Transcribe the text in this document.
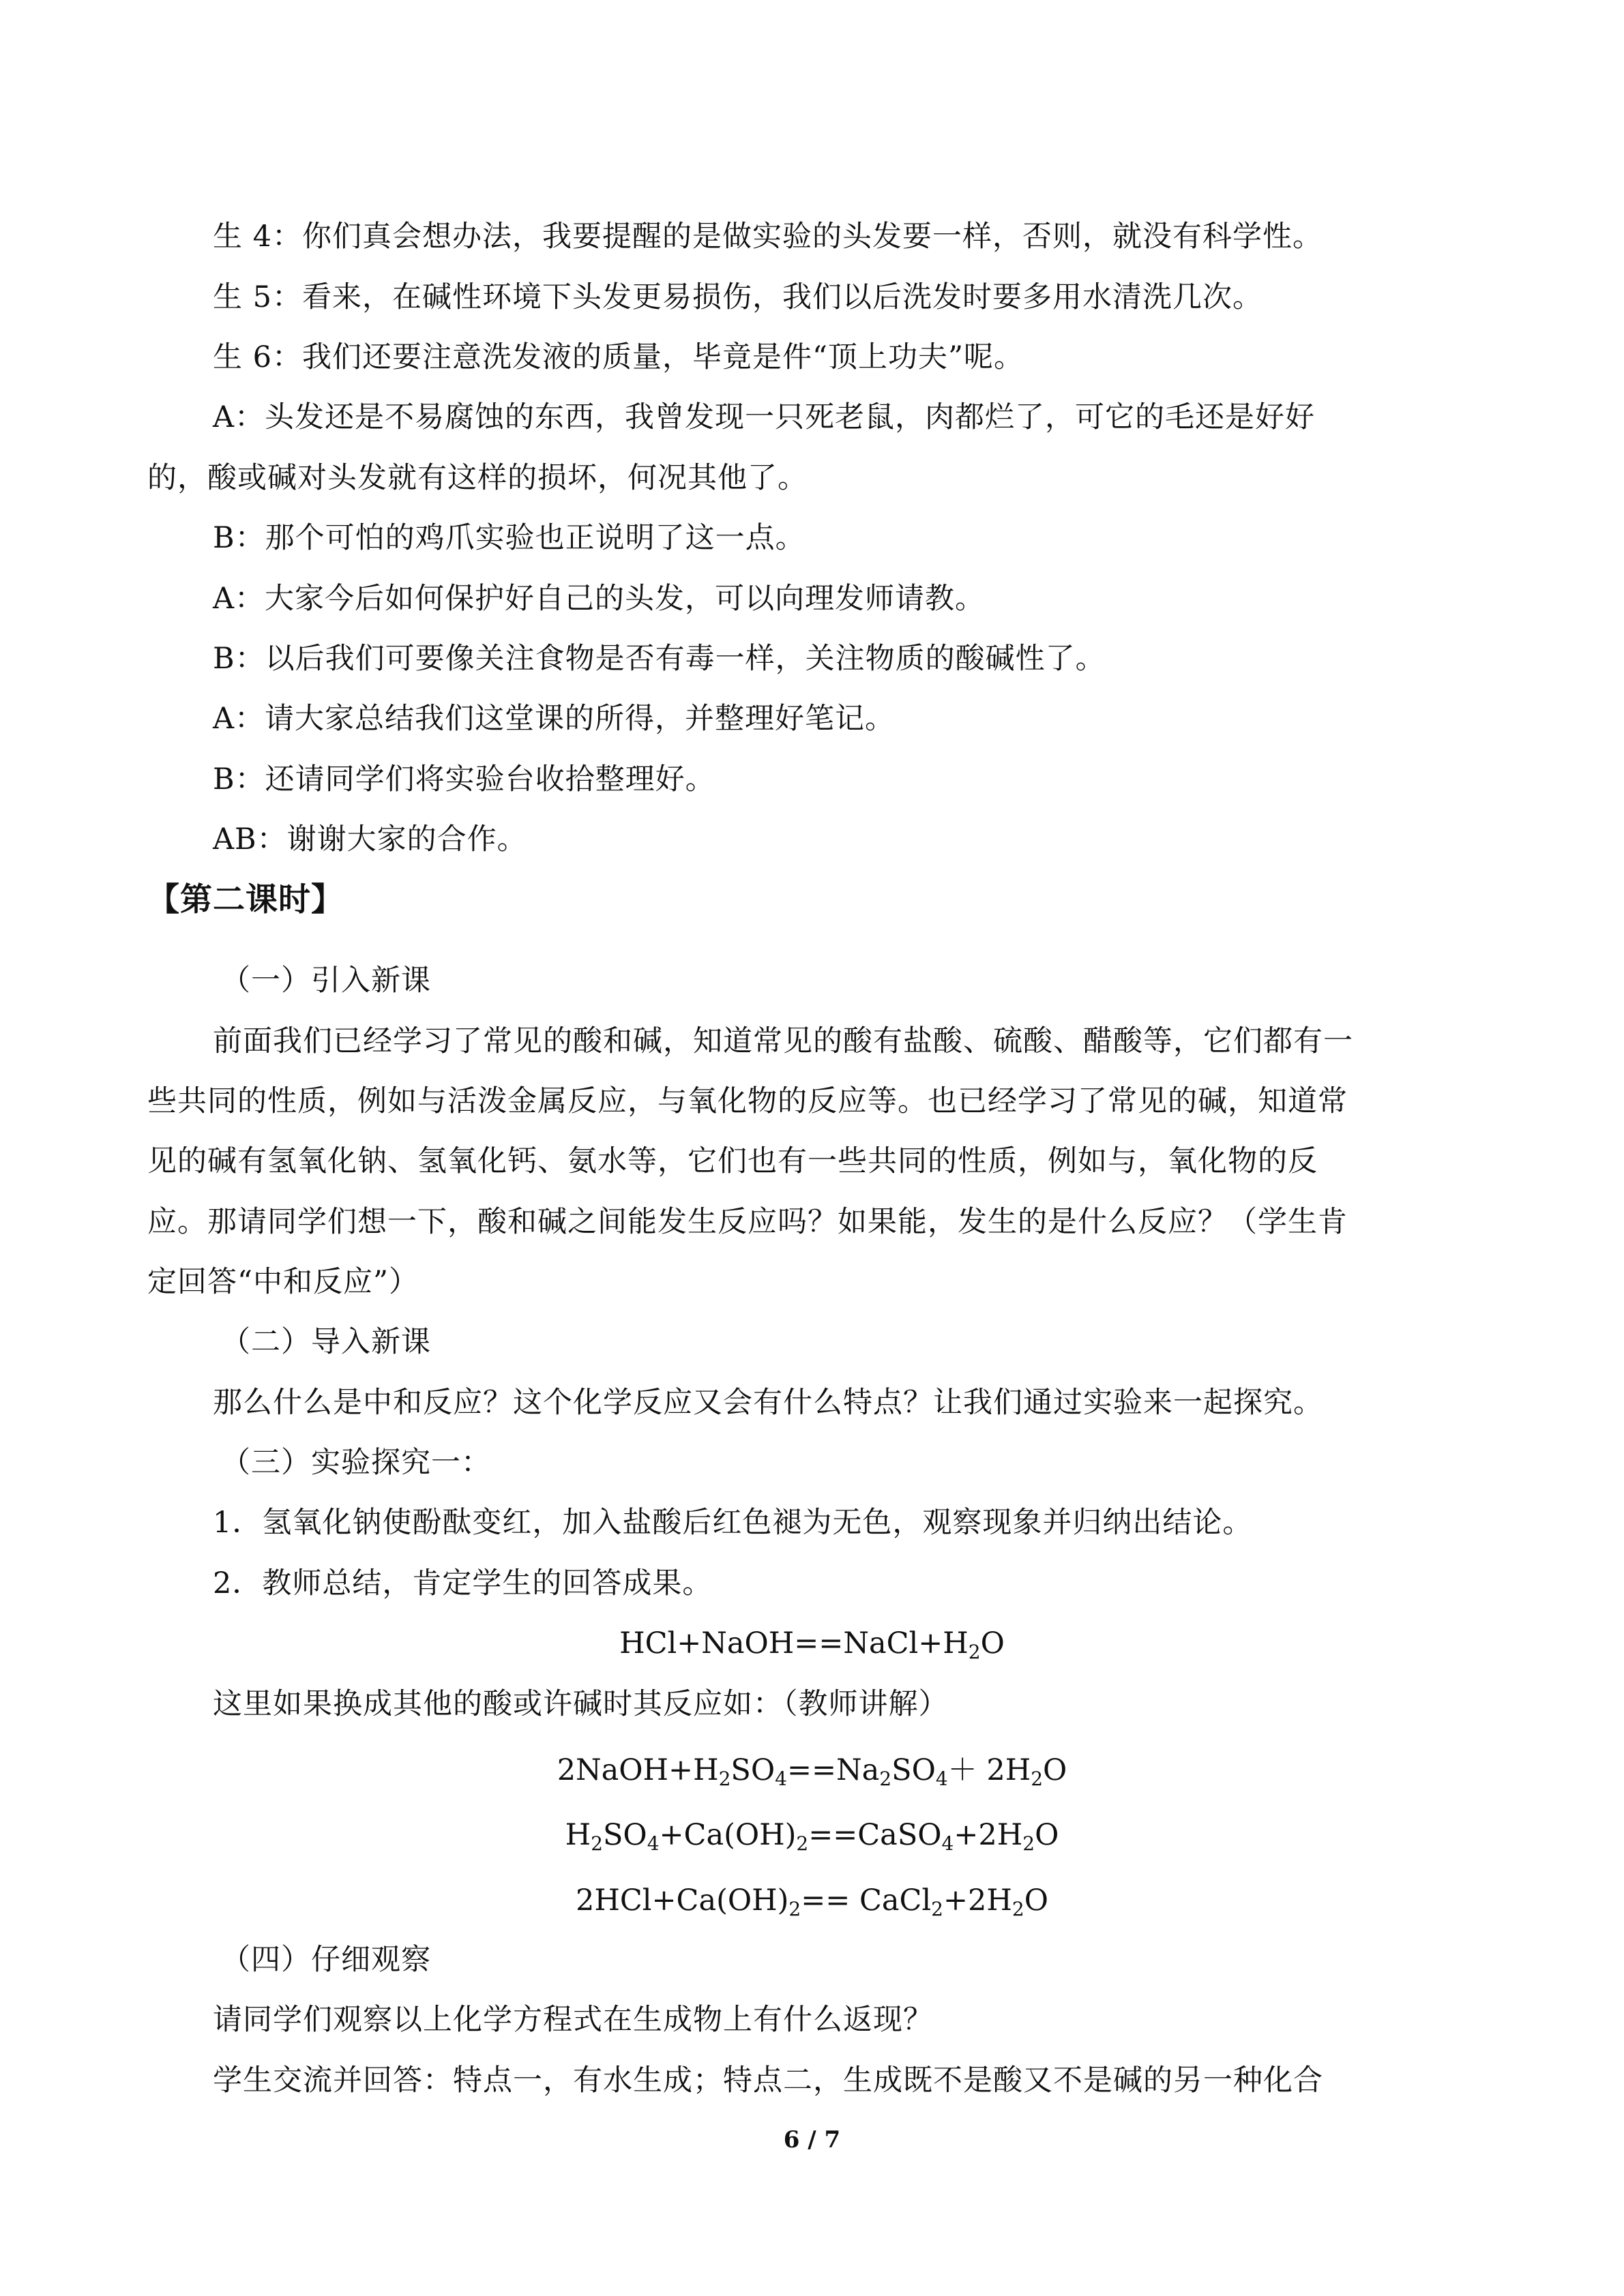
生 4：你们真会想办法，我要提醒的是做实验的头发要一样，否则，就没有科学性。
生 5：看来，在碱性环境下头发更易损伤，我们以后洗发时要多用水清洗几次。
生 6：我们还要注意洗发液的质量，毕竟是件“顶上功夫”呢。
A：头发还是不易腐蚀的东西，我曾发现一只死老鼠，肉都烂了，可它的毛还是好好
的，酸或碱对头发就有这样的损坏，何况其他了。
B：那个可怕的鸡爪实验也正说明了这一点。
A：大家今后如何保护好自己的头发，可以向理发师请教。
B：以后我们可要像关注食物是否有毒一样，关注物质的酸碱性了。
A：请大家总结我们这堂课的所得，并整理好笔记。
B：还请同学们将实验台收拾整理好。
AB：谢谢大家的合作。
【第二课时】
（一）引入新课
前面我们已经学习了常见的酸和碱，知道常见的酸有盐酸、硫酸、醋酸等，它们都有一
些共同的性质，例如与活泼金属反应，与氧化物的反应等。也已经学习了常见的碱，知道常
见的碱有氢氧化钠、氢氧化钙、氨水等，它们也有一些共同的性质，例如与，氧化物的反
应。那请同学们想一下，酸和碱之间能发生反应吗？如果能，发生的是什么反应？（学生肯
定回答“中和反应”）
（二）导入新课
那么什么是中和反应？这个化学反应又会有什么特点？让我们通过实验来一起探究。
（三）实验探究一：
1．氢氧化钠使酚酞变红，加入盐酸后红色褪为无色，观察现象并归纳出结论。
2．教师总结，肯定学生的回答成果。
$HCl+NaOH==NaCl+H_2O$
这里如果换成其他的酸或许碱时其反应如：（教师讲解）
$2NaOH+H_2SO_4==Na_2SO_4+ 2H_2O$
$H_2SO_4+Ca(OH)_2==CaSO_4+2H_2O$
$2HCl+Ca(OH)_2==$ $CaCl_2+2H_2O$
（四）仔细观察
请同学们观察以上化学方程式在生成物上有什么返现？
学生交流并回答：特点一，有水生成；特点二，生成既不是酸又不是碱的另一种化合
6 / 7
